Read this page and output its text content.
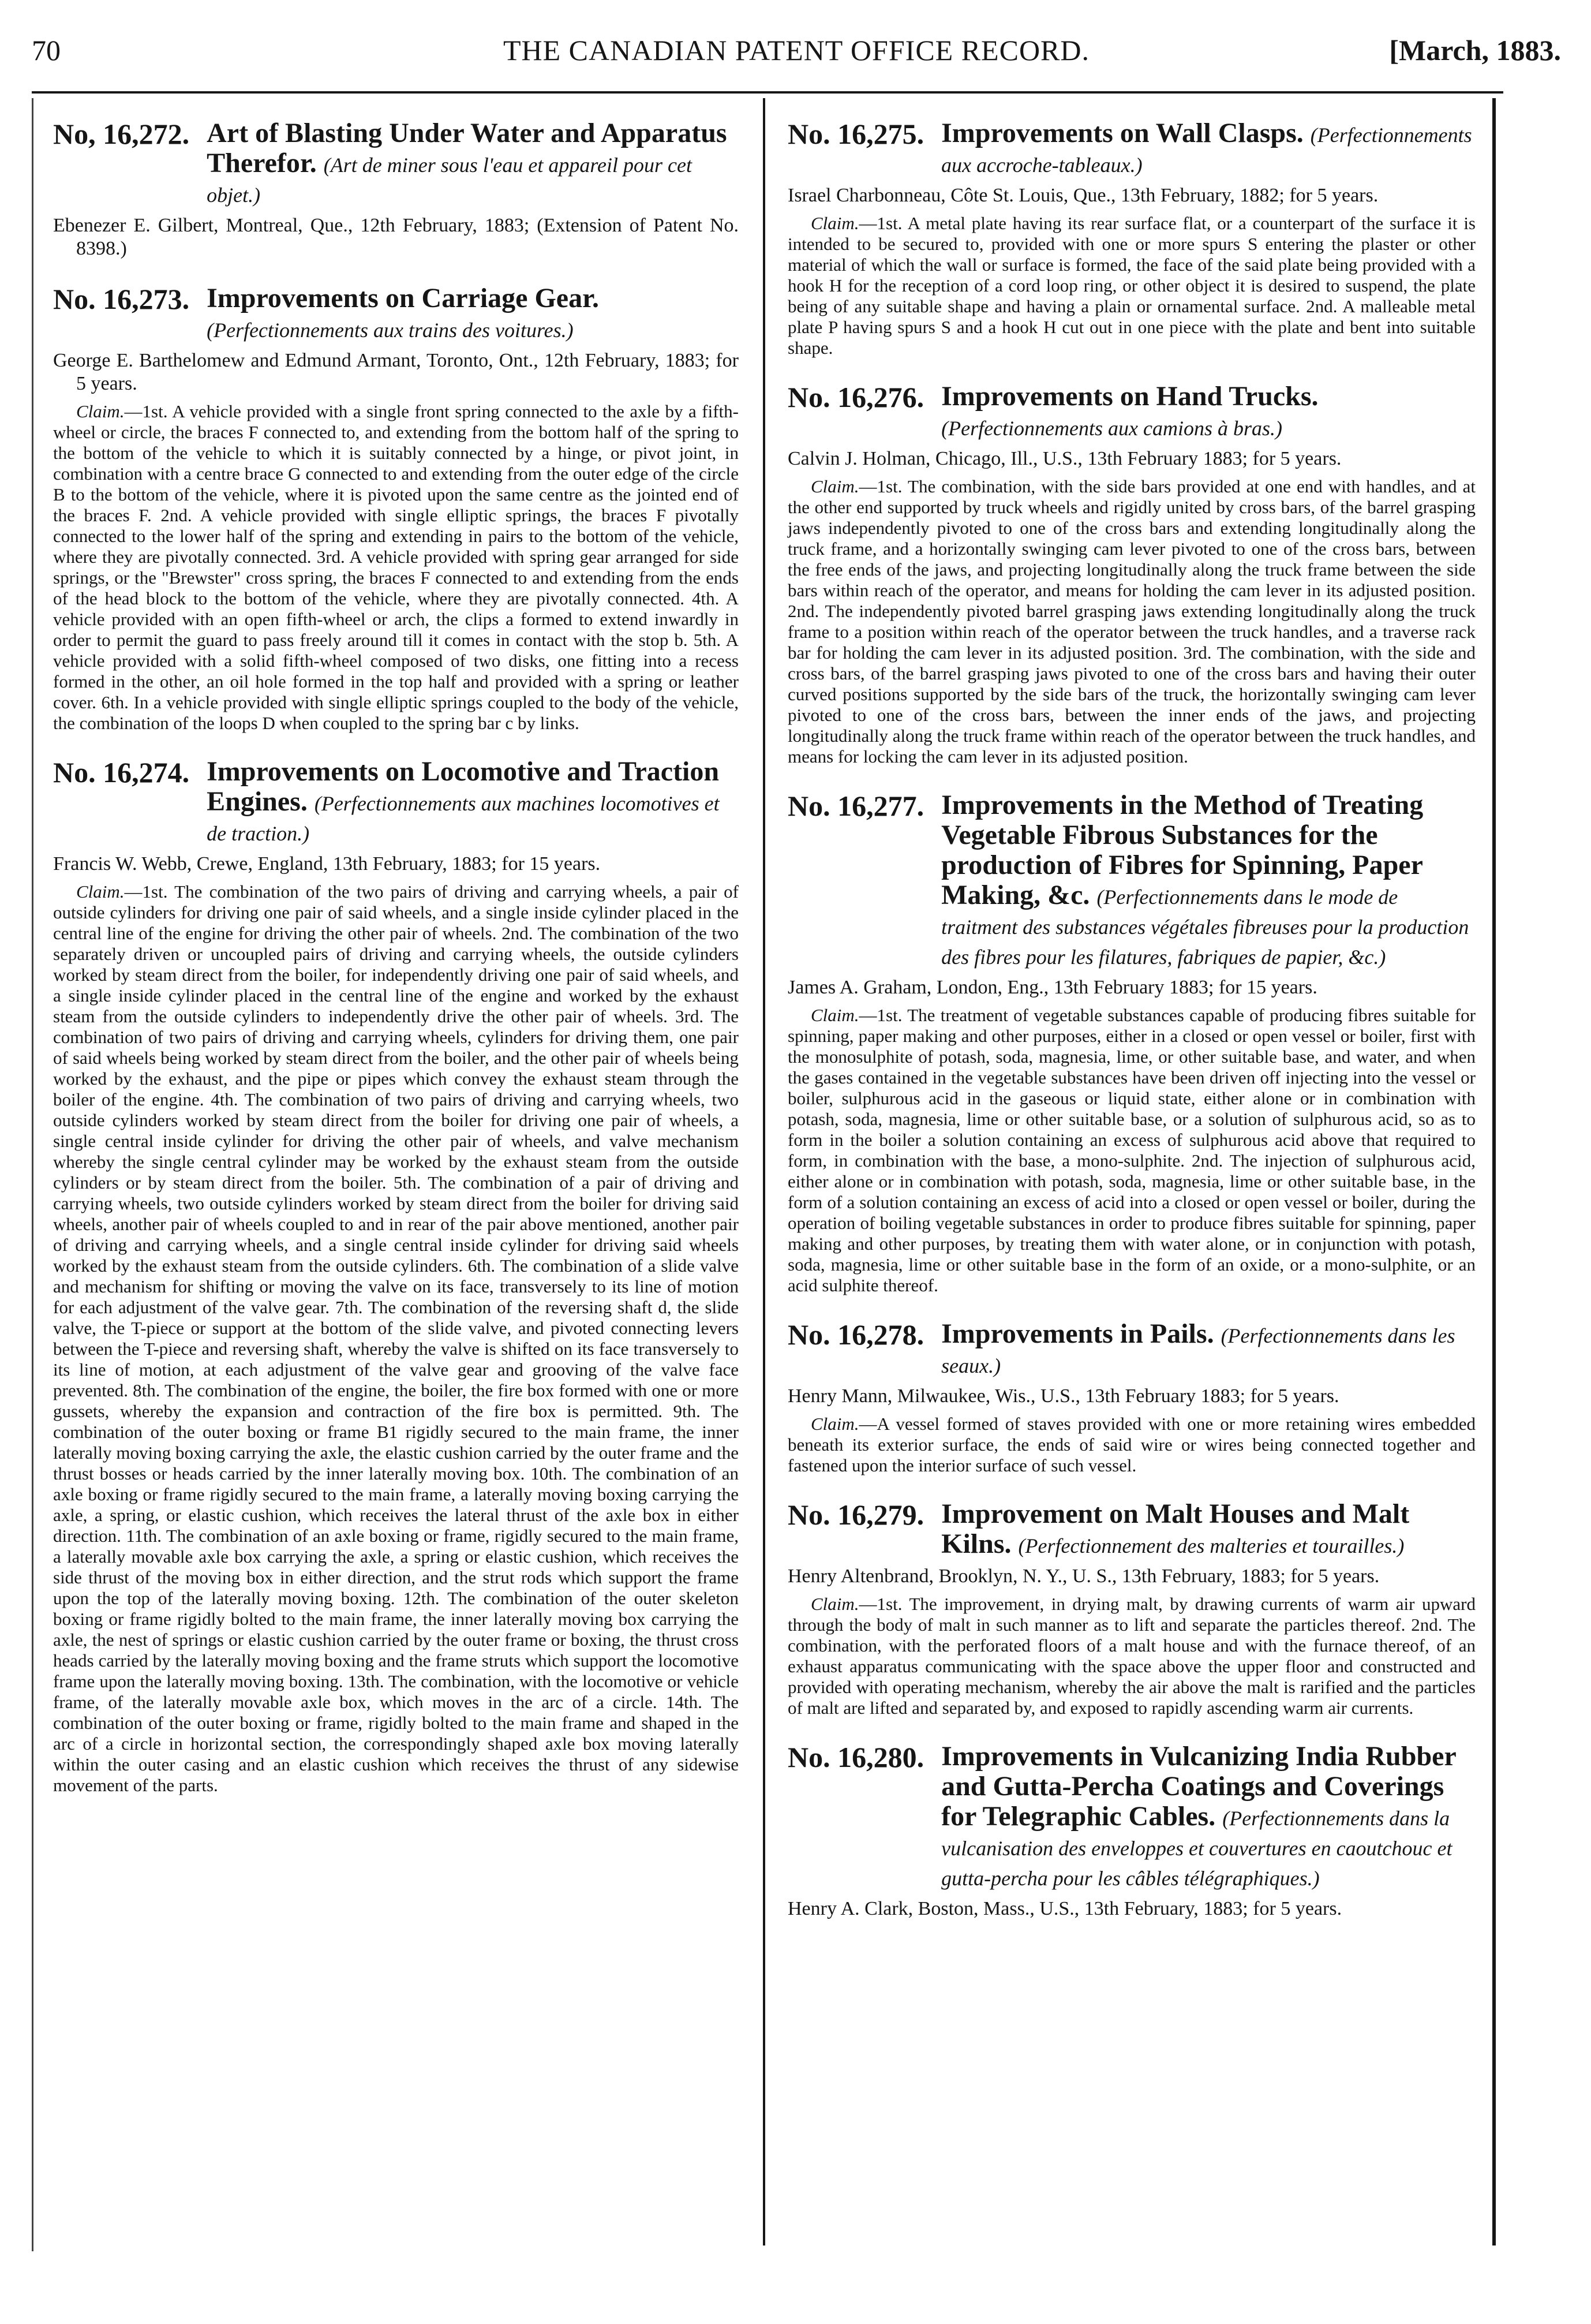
THE CANADIAN PATENT OFFICE RECORD.
70	[March, 1883.
No, 16,272. Art of Blasting Under Water and Apparatus Therefor. (Art de miner sous l'eau et appareil pour cet objet.)
Ebenezer E. Gilbert, Montreal, Que., 12th February, 1883; (Extension of Patent No. 8398.)
No. 16,273. Improvements on Carriage Gear. (Perfectionnements aux trains des voitures.)
George E. Barthelomew and Edmund Armant, Toronto, Ont., 12th February, 1883; for 5 years.
Claim.—1st. A vehicle provided with a single front spring connected to the axle by a fifth-wheel or circle, the braces F connected to, and extending from the bottom half of the spring to the bottom of the vehicle to which it is suitably connected by a hinge, or pivot joint, in combination with a centre brace G connected to and extending from the outer edge of the circle B to the bottom of the vehicle, where it is pivoted upon the same centre as the jointed end of the braces F. 2nd. A vehicle provided with single elliptic springs, the braces F pivotally connected to the lower half of the spring and extending in pairs to the bottom of the vehicle, where they are pivotally connected. 3rd. A vehicle provided with spring gear arranged for side springs, or the "Brewster" cross spring, the braces F connected to and extending from the ends of the head block to the bottom of the vehicle, where they are pivotally connected. 4th. A vehicle provided with an open fifth-wheel or arch, the clips a formed to extend inwardly in order to permit the guard to pass freely around till it comes in contact with the stop b. 5th. A vehicle provided with a solid fifth-wheel composed of two disks, one fitting into a recess formed in the other, an oil hole formed in the top half and provided with a spring or leather cover. 6th. In a vehicle provided with single elliptic springs coupled to the body of the vehicle, the combination of the loops D when coupled to the spring bar c by links.
No. 16,274. Improvements on Locomotive and Traction Engines. (Perfectionnements aux machines locomotives et de traction.)
Francis W. Webb, Crewe, England, 13th February, 1883; for 15 years.
Claim.—1st. The combination of the two pairs of driving and carrying wheels, a pair of outside cylinders for driving one pair of said wheels, and a single inside cylinder placed in the central line of the engine for driving the other pair of wheels. 2nd. The combination of the two separately driven or uncoupled pairs of driving and carrying wheels, the outside cylinders worked by steam direct from the boiler, for independently driving one pair of said wheels, and a single inside cylinder placed in the central line of the engine and worked by the exhaust steam from the outside cylinders to independently drive the other pair of wheels. 3rd. The combination of two pairs of driving and carrying wheels, cylinders for driving them, one pair of said wheels being worked by steam direct from the boiler, and the other pair of wheels being worked by the exhaust, and the pipe or pipes which convey the exhaust steam through the boiler of the engine. 4th. The combination of two pairs of driving and carrying wheels, two outside cylinders worked by steam direct from the boiler for driving one pair of wheels, a single central inside cylinder for driving the other pair of wheels, and valve mechanism whereby the single central cylinder may be worked by the exhaust steam from the outside cylinders or by steam direct from the boiler. 5th. The combination of a pair of driving and carrying wheels, two outside cylinders worked by steam direct from the boiler for driving said wheels, another pair of wheels coupled to and in rear of the pair above mentioned, another pair of driving and carrying wheels, and a single central inside cylinder for driving said wheels worked by the exhaust steam from the outside cylinders. 6th. The combination of a slide valve and mechanism for shifting or moving the valve on its face, transversely to its line of motion for each adjustment of the valve gear. 7th. The combination of the reversing shaft d, the slide valve, the T-piece or support at the bottom of the slide valve, and pivoted connecting levers between the T-piece and reversing shaft, whereby the valve is shifted on its face transversely to its line of motion, at each adjustment of the valve gear and grooving of the valve face prevented. 8th. The combination of the engine, the boiler, the fire box formed with one or more gussets, whereby the expansion and contraction of the fire box is permitted. 9th. The combination of the outer boxing or frame B1 rigidly secured to the main frame, the inner laterally moving boxing carrying the axle, the elastic cushion carried by the outer frame and the thrust bosses or heads carried by the inner laterally moving box. 10th. The combination of an axle boxing or frame rigidly secured to the main frame, a laterally moving boxing carrying the axle, a spring, or elastic cushion, which receives the lateral thrust of the axle box in either direction. 11th. The combination of an axle boxing or frame, rigidly secured to the main frame, a laterally movable axle box carrying the axle, a spring or elastic cushion, which receives the side thrust of the moving box in either direction, and the strut rods which support the frame upon the top of the laterally moving boxing. 12th. The combination of the outer skeleton boxing or frame rigidly bolted to the main frame, the inner laterally moving box carrying the axle, the nest of springs or elastic cushion carried by the outer frame or boxing, the thrust cross heads carried by the laterally moving boxing and the frame struts which support the locomotive frame upon the laterally moving boxing. 13th. The combination, with the locomotive or vehicle frame, of the laterally movable axle box, which moves in the arc of a circle. 14th. The combination of the outer boxing or frame, rigidly bolted to the main frame and shaped in the arc of a circle in horizontal section, the correspondingly shaped axle box moving laterally within the outer casing and an elastic cushion which receives the thrust of any sidewise movement of the parts.
No. 16,275. Improvements on Wall Clasps. (Perfectionnements aux accroche-tableaux.)
Israel Charbonneau, Côte St. Louis, Que., 13th February, 1882; for 5 years.
Claim.—1st. A metal plate having its rear surface flat, or a counterpart of the surface it is intended to be secured to, provided with one or more spurs S entering the plaster or other material of which the wall or surface is formed, the face of the said plate being provided with a hook H for the reception of a cord loop ring, or other object it is desired to suspend, the plate being of any suitable shape and having a plain or ornamental surface. 2nd. A malleable metal plate P having spurs S and a hook H cut out in one piece with the plate and bent into suitable shape.
No. 16,276. Improvements on Hand Trucks. (Perfectionnements aux camions à bras.)
Calvin J. Holman, Chicago, Ill., U.S., 13th February 1883; for 5 years.
Claim.—1st. The combination, with the side bars provided at one end with handles, and at the other end supported by truck wheels and rigidly united by cross bars, of the barrel grasping jaws independently pivoted to one of the cross bars and extending longitudinally along the truck frame, and a horizontally swinging cam lever pivoted to one of the cross bars, between the free ends of the jaws, and projecting longitudinally along the truck frame between the side bars within reach of the operator, and means for holding the cam lever in its adjusted position. 2nd. The independently pivoted barrel grasping jaws extending longitudinally along the truck frame to a position within reach of the operator between the truck handles, and a traverse rack bar for holding the cam lever in its adjusted position. 3rd. The combination, with the side and cross bars, of the barrel grasping jaws pivoted to one of the cross bars and having their outer curved positions supported by the side bars of the truck, the horizontally swinging cam lever pivoted to one of the cross bars, between the inner ends of the jaws, and projecting longitudinally along the truck frame within reach of the operator between the truck handles, and means for locking the cam lever in its adjusted position.
No. 16,277. Improvements in the Method of Treating Vegetable Fibrous Substances for the production of Fibres for Spinning, Paper Making, &c. (Perfectionnements dans le mode de traitment des substances végétales fibreuses pour la production des fibres pour les filatures, fabriques de papier, &c.)
James A. Graham, London, Eng., 13th February 1883; for 15 years.
Claim.—1st. The treatment of vegetable substances capable of producing fibres suitable for spinning, paper making and other purposes, either in a closed or open vessel or boiler, first with the monosulphite of potash, soda, magnesia, lime, or other suitable base, and water, and when the gases contained in the vegetable substances have been driven off injecting into the vessel or boiler, sulphurous acid in the gaseous or liquid state, either alone or in combination with potash, soda, magnesia, lime or other suitable base, or a solution of sulphurous acid, so as to form in the boiler a solution containing an excess of sulphurous acid above that required to form, in combination with the base, a mono-sulphite. 2nd. The injection of sulphurous acid, either alone or in combination with potash, soda, magnesia, lime or other suitable base, in the form of a solution containing an excess of acid into a closed or open vessel or boiler, during the operation of boiling vegetable substances in order to produce fibres suitable for spinning, paper making and other purposes, by treating them with water alone, or in conjunction with potash, soda, magnesia, lime or other suitable base in the form of an oxide, or a mono-sulphite, or an acid sulphite thereof.
No. 16,278. Improvements in Pails. (Perfectionnements dans les seaux.)
Henry Mann, Milwaukee, Wis., U.S., 13th February 1883; for 5 years.
Claim.—A vessel formed of staves provided with one or more retaining wires embedded beneath its exterior surface, the ends of said wire or wires being connected together and fastened upon the interior surface of such vessel.
No. 16,279. Improvement on Malt Houses and Malt Kilns. (Perfectionnement des malteries et tourailles.)
Henry Altenbrand, Brooklyn, N. Y., U. S., 13th February, 1883; for 5 years.
Claim.—1st. The improvement, in drying malt, by drawing currents of warm air upward through the body of malt in such manner as to lift and separate the particles thereof. 2nd. The combination, with the perforated floors of a malt house and with the furnace thereof, of an exhaust apparatus communicating with the space above the upper floor and constructed and provided with operating mechanism, whereby the air above the malt is rarified and the particles of malt are lifted and separated by, and exposed to rapidly ascending warm air currents.
No. 16,280. Improvements in Vulcanizing India Rubber and Gutta-Percha Coatings and Coverings for Telegraphic Cables. (Perfectionnements dans la vulcanisation des enveloppes et couvertures en caoutchouc et gutta-percha pour les câbles télégraphiques.)
Henry A. Clark, Boston, Mass., U.S., 13th February, 1883; for 5 years.
